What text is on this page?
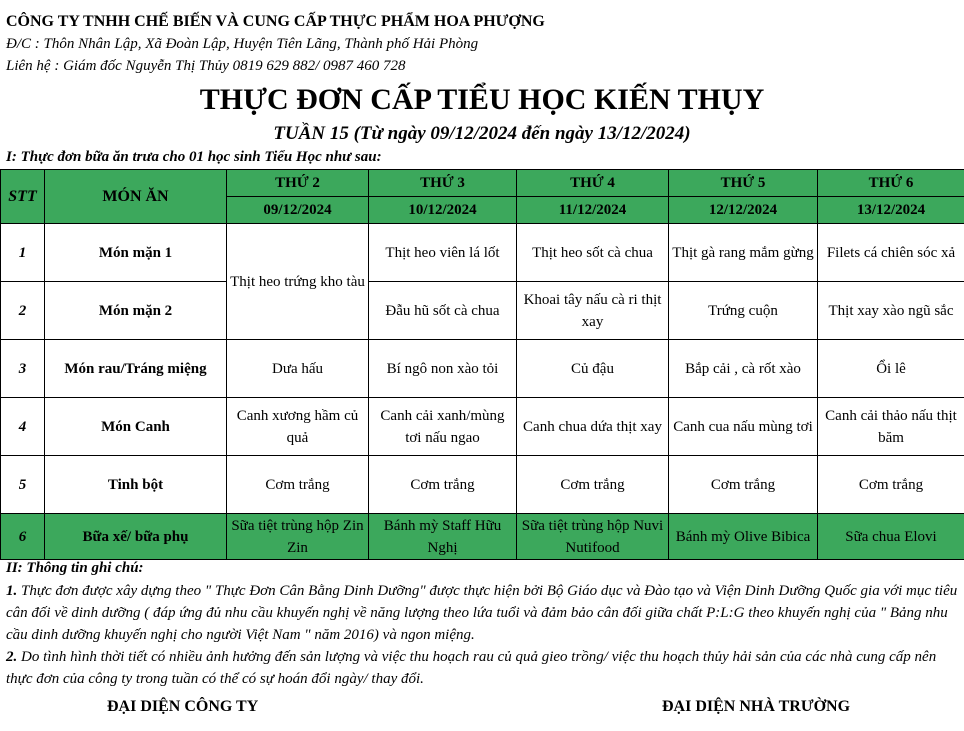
CÔNG TY TNHH CHẾ BIẾN VÀ CUNG CẤP THỰC PHẨM HOA PHƯỢNG
Đ/C : Thôn Nhân Lập, Xã Đoàn Lập, Huyện Tiên Lãng, Thành phố Hải Phòng
Liên hệ : Giám đốc Nguyễn Thị Thủy 0819 629 882/ 0987 460 728
THỰC ĐƠN CẤP TIỂU HỌC KIẾN THỤY
TUẦN 15 (Từ ngày 09/12/2024 đến ngày 13/12/2024)
I: Thực đơn bữa ăn trưa cho 01 học sinh Tiểu Học như sau:
STT	MÓN ĂN	THỨ 2	THỨ 3	THỨ 4	THỨ 5	THỨ 6
		09/12/2024	10/12/2024	11/12/2024	12/12/2024	13/12/2024
1	Món mặn 1	Thịt heo trứng kho tàu	Thịt heo viên lá lốt	Thịt heo sốt cà chua	Thịt gà rang mắm gừng	Filets cá chiên sóc xả
2	Món mặn 2		Đẫu hũ sốt cà chua	Khoai tây nấu cà ri thịt xay	Trứng cuộn	Thịt xay xào ngũ sắc
3	Món rau/Tráng miệng	Dưa hấu	Bí ngô non xào tỏi	Củ đậu	Bắp cải , cà rốt xào	Ổi lê
4	Món Canh	Canh xương hầm củ quả	Canh cải xanh/mùng tơi nấu ngao	Canh chua dứa thịt xay	Canh cua nấu mùng tơi	Canh cải thảo nấu thịt băm
5	Tinh bột	Cơm trắng	Cơm trắng	Cơm trắng	Cơm trắng	Cơm trắng
6	Bữa xế/ bữa phụ	Sữa tiệt trùng hộp Zin Zin	Bánh mỳ Staff Hữu Nghị	Sữa tiệt trùng hộp Nuvi Nutifood	Bánh mỳ Olive Bibica	Sữa chua Elovi
II: Thông tin ghi chú:

1. Thực đơn được xây dựng theo " Thực Đơn Cân Bằng Dinh Dưỡng" được thực hiện bởi Bộ Giáo dục và Đào tạo và Viện Dinh Dưỡng Quốc gia với mục tiêu cân đối về dinh dưỡng ( đáp ứng đủ nhu cầu khuyến nghị về năng lượng theo lứa tuổi và đảm bảo cân đối giữa chất P:L:G theo khuyến nghị của " Bảng nhu cầu dinh dưỡng khuyến nghị cho người Việt Nam " năm 2016) và ngon miệng.

2. Do tình hình thời tiết có nhiều ảnh hưởng đến sản lượng và việc thu hoạch rau củ quả gieo trồng/ việc thu hoạch thủy hải sản của các nhà cung cấp nên thực đơn của công ty trong tuần có thể có sự hoán đổi ngày/ thay đổi.

ĐẠI DIỆN CÔNG TY	ĐẠI DIỆN NHÀ TRƯỜNG
